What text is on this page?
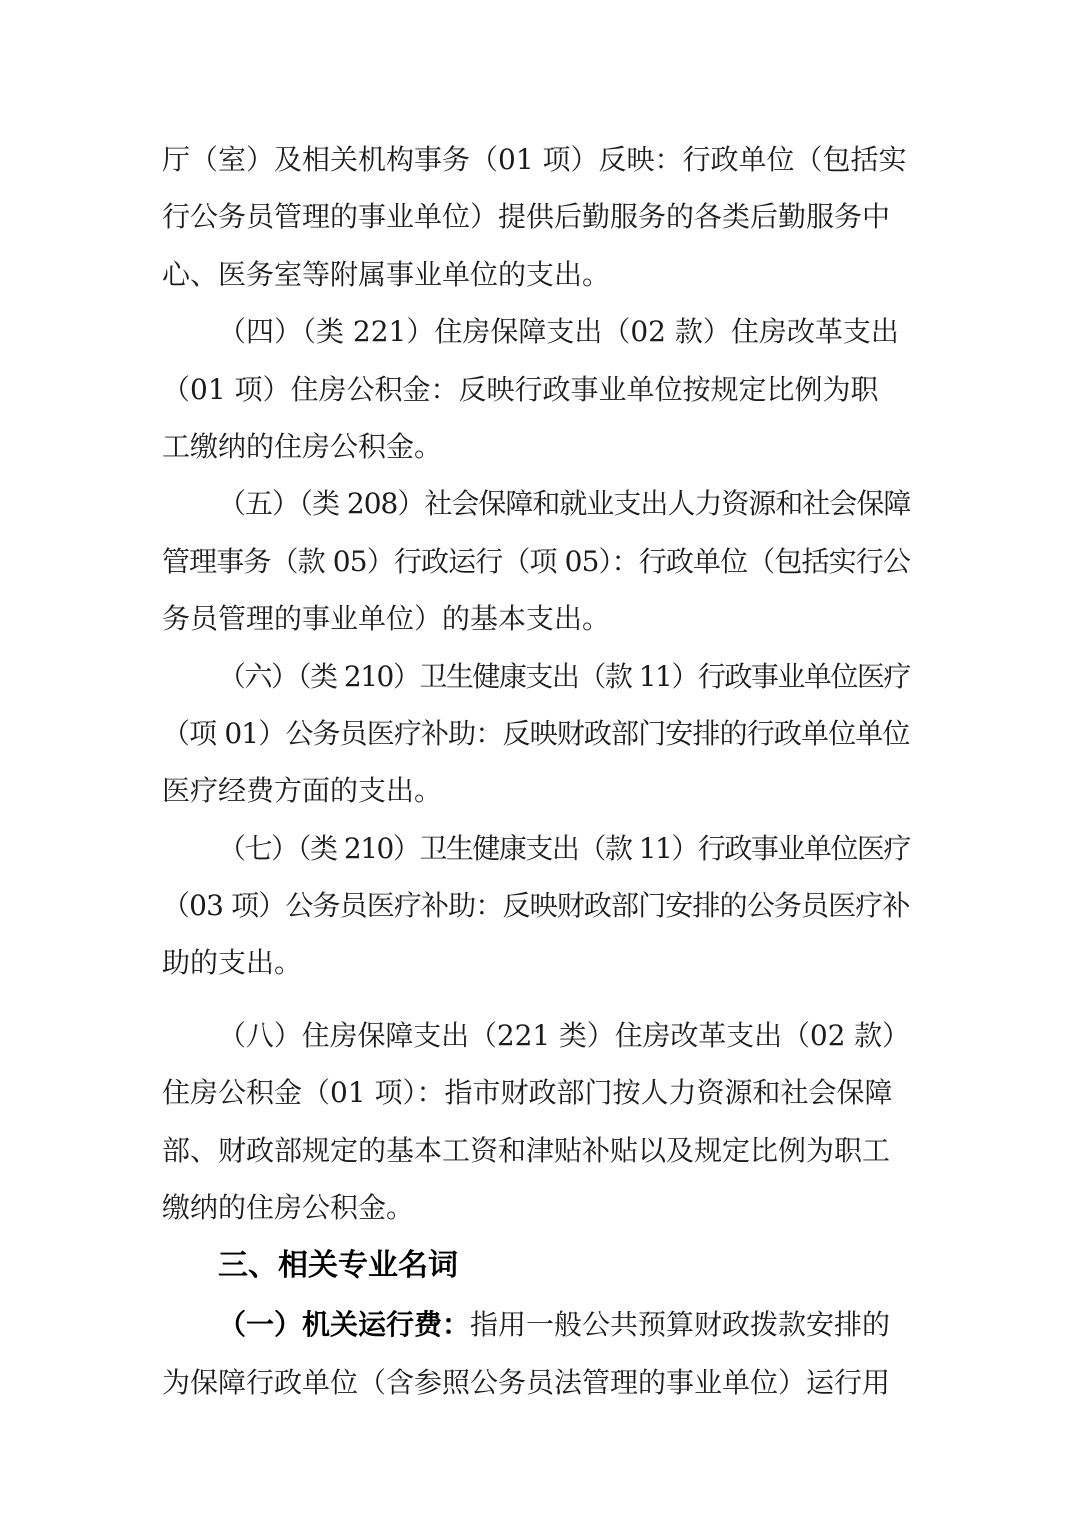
厅（室）及相关机构事务（01 项）反映：行政单位（包括实
行公务员管理的事业单位）提供后勤服务的各类后勤服务中
心、医务室等附属事业单位的支出。
（四）（类 221）住房保障支出（02 款）住房改革支出
（01 项）住房公积金：反映行政事业单位按规定比例为职
工缴纳的住房公积金。
（五）（类 208）社会保障和就业支出人力资源和社会保障
管理事务（款 05）行政运行（项 05）：行政单位（包括实行公
务员管理的事业单位）的基本支出。
（六）（类 210）卫生健康支出（款 11）行政事业单位医疗
（项 01）公务员医疗补助：反映财政部门安排的行政单位单位
医疗经费方面的支出。
（七）（类 210）卫生健康支出（款 11）行政事业单位医疗
（03 项）公务员医疗补助：反映财政部门安排的公务员医疗补
助的支出。
（八）住房保障支出（221 类）住房改革支出（02 款）
住房公积金（01 项）：指市财政部门按人力资源和社会保障
部、财政部规定的基本工资和津贴补贴以及规定比例为职工
缴纳的住房公积金。
三、相关专业名词
（一）机关运行费：指用一般公共预算财政拨款安排的
为保障行政单位（含参照公务员法管理的事业单位）运行用
